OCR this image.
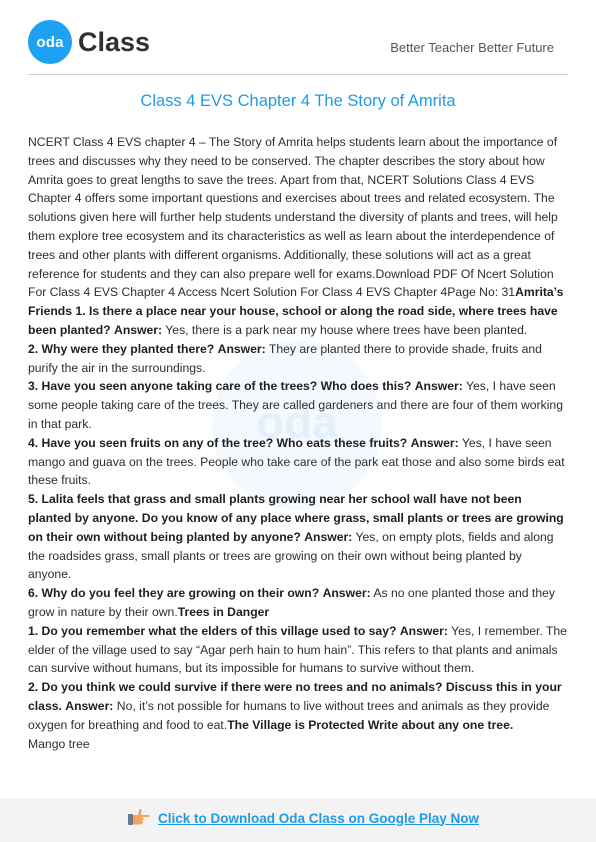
oda Class	Better Teacher Better Future
Class 4 EVS Chapter 4 The Story of Amrita
oda

NCERT Class 4 EVS chapter 4 – The Story of Amrita helps students learn about the importance of trees and discusses why they need to be conserved. The chapter describes the story about how Amrita goes to great lengths to save the trees. Apart from that, NCERT Solutions Class 4 EVS Chapter 4 offers some important questions and exercises about trees and related ecosystem. The solutions given here will further help students understand the diversity of plants and trees, will help them explore tree ecosystem and its characteristics as well as learn about the interdependence of trees and other plants with different organisms. Additionally, these solutions will act as a great reference for students and they can also prepare well for exams.Download PDF Of Ncert Solution For Class 4 EVS Chapter 4 Access Ncert Solution For Class 4 EVS Chapter 4Page No: 31Amrita’s Friends 1. Is there a place near your house, school or along the road side, where trees have been planted? Answer: Yes, there is a park near my house where trees have been planted.

2. Why were they planted there? Answer: They are planted there to provide shade, fruits and purify the air in the surroundings.

3. Have you seen anyone taking care of the trees? Who does this? Answer: Yes, I have seen some people taking care of the trees. They are called gardeners and there are four of them working in that park.

4. Have you seen fruits on any of the tree? Who eats these fruits? Answer: Yes, I have seen mango and guava on the trees. People who take care of the park eat those and also some birds eat these fruits.

5. Lalita feels that grass and small plants growing near her school wall have not been planted by anyone. Do you know of any place where grass, small plants or trees are growing on their own without being planted by anyone? Answer: Yes, on empty plots, fields and along the roadsides grass, small plants or trees are growing on their own without being planted by anyone.

6. Why do you feel they are growing on their own? Answer: As no one planted those and they grow in nature by their own.Trees in Danger

1. Do you remember what the elders of this village used to say? Answer: Yes, I remember. The elder of the village used to say “Agar perh hain to hum hain”. This refers to that plants and animals can survive without humans, but its impossible for humans to survive without them.

2. Do you think we could survive if there were no trees and no animals? Discuss this in your class. Answer: No, it’s not possible for humans to live without trees and animals as they provide oxygen for breathing and food to eat.The Village is Protected Write about any one tree.

Mango tree

Click to Download Oda Class on Google Play Now
